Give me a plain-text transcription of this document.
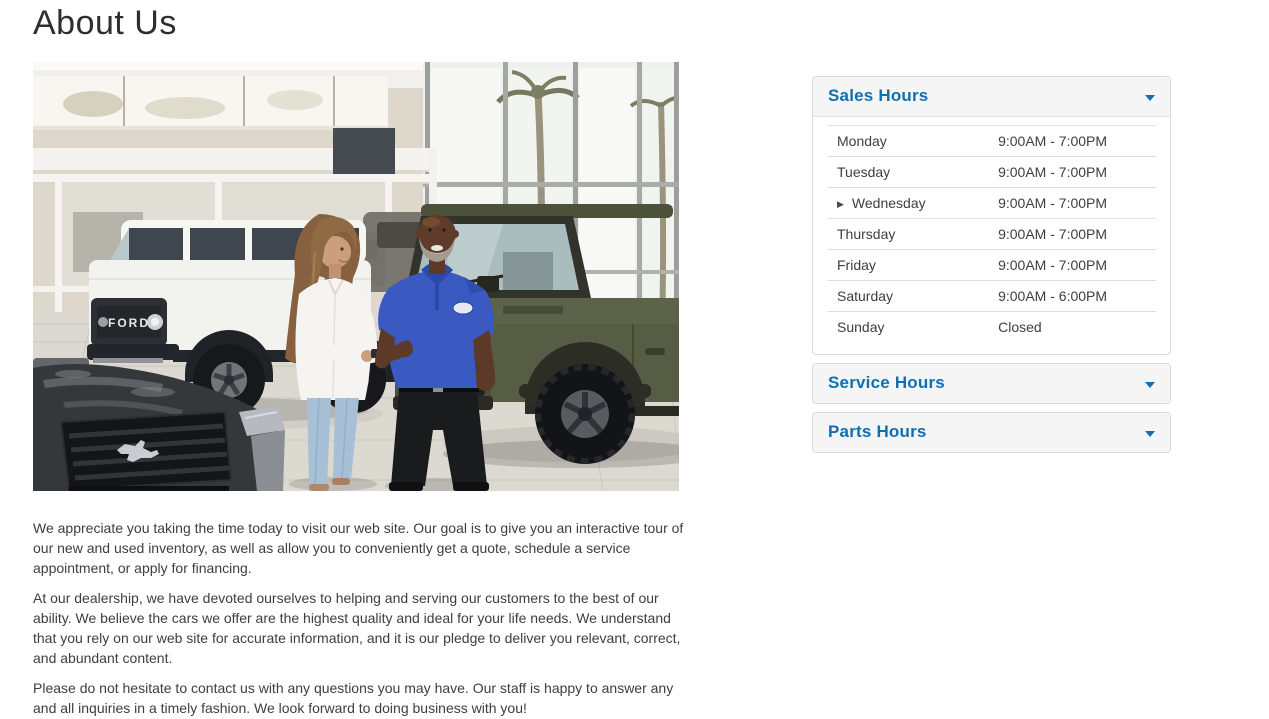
About Us
FORD

We appreciate you taking the time today to visit our web site. Our goal is to give you an interactive tour of our new and used inventory, as well as allow you to conveniently get a quote, schedule a service appointment, or apply for financing.

At our dealership, we have devoted ourselves to helping and serving our customers to the best of our ability. We believe the cars we offer are the highest quality and ideal for your life needs. We understand that you rely on our web site for accurate information, and it is our pledge to deliver you relevant, correct, and abundant content.

Please do not hesitate to contact us with any questions you may have. Our staff is happy to answer any and all inquiries in a timely fashion. We look forward to doing business with you!

Sales Hours
Monday	9:00AM - 7:00PM
Tuesday	9:00AM - 7:00PM
▶ Wednesday	9:00AM - 7:00PM
Thursday	9:00AM - 7:00PM
Friday	9:00AM - 7:00PM
Saturday	9:00AM - 6:00PM
Sunday	Closed
Service Hours
Parts Hours
